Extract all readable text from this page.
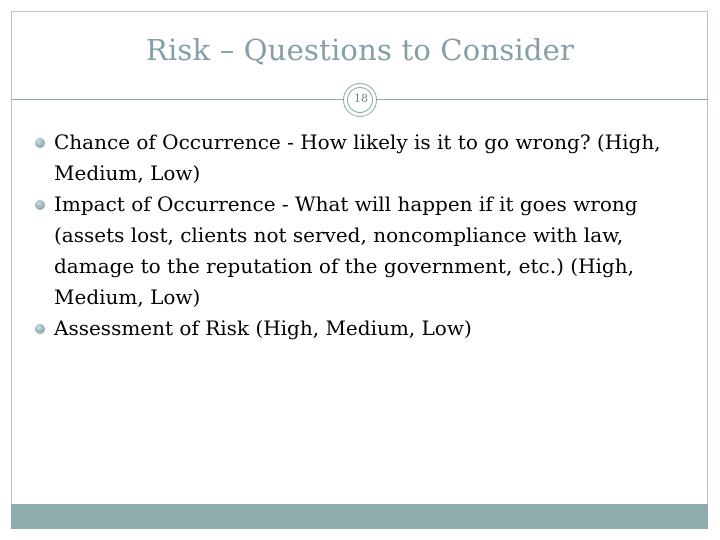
Risk – Questions to Consider
18
Chance of Occurrence - How likely is it to go wrong? (High, Medium, Low)
Impact of Occurrence - What will happen if it goes wrong (assets lost, clients not served, noncompliance with law, damage to the reputation of the government, etc.) (High, Medium, Low)
Assessment of Risk (High, Medium, Low)
